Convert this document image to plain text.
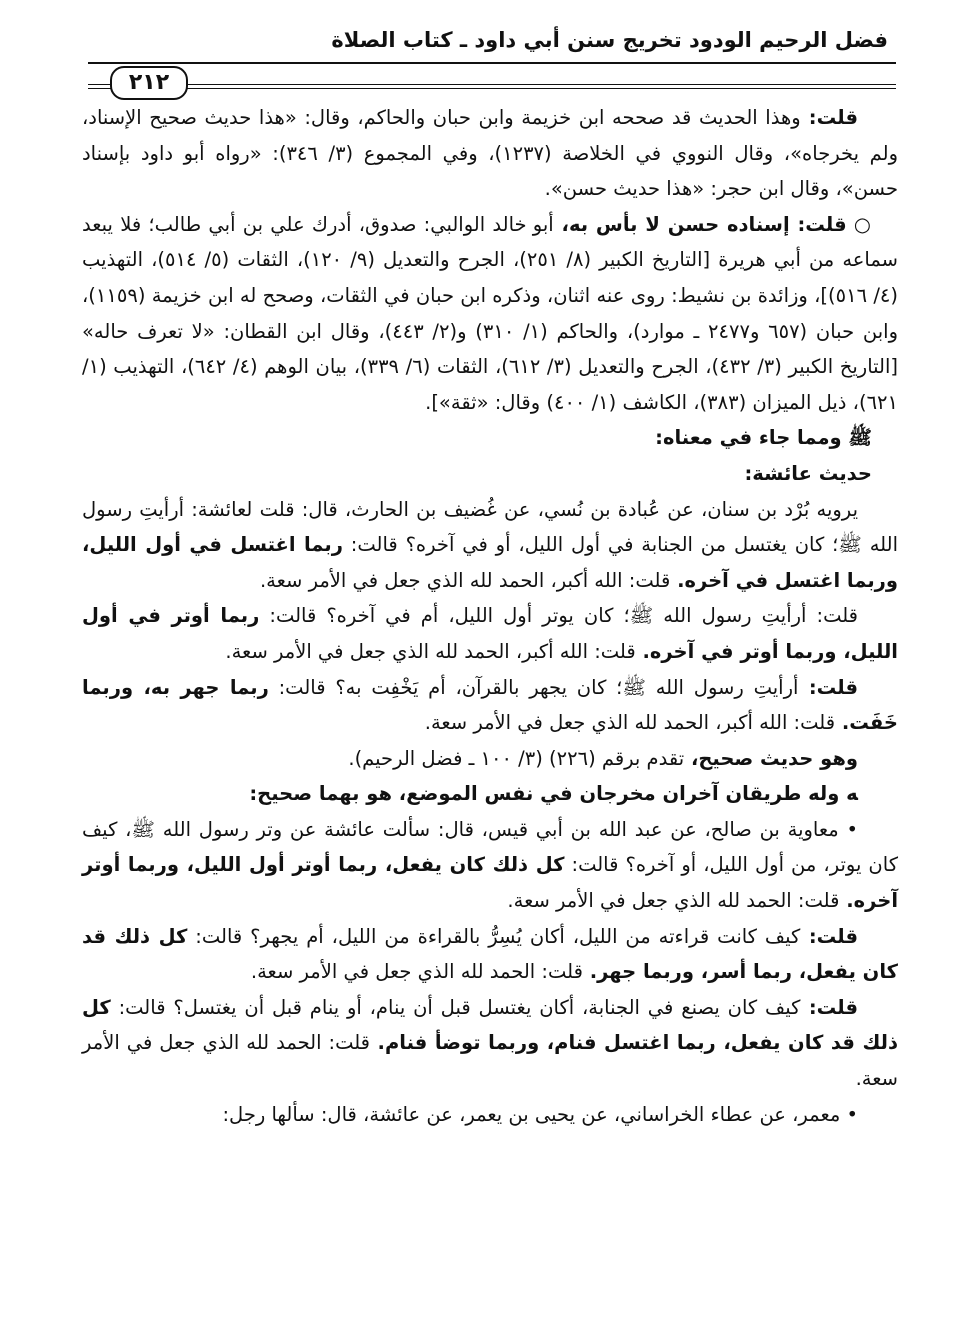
فضل الرحيم الودود تخريج سنن أبي داود ـ كتاب الصلاة
٢١٢

قلت: وهذا الحديث قد صححه ابن خزيمة وابن حبان والحاكم، وقال: «هذا حديث صحيح الإسناد، ولم يخرجاه»، وقال النووي في الخلاصة (١٢٣٧)، وفي المجموع (٣/ ٣٤٦): «رواه أبو داود بإسناد حسن»، وقال ابن حجر: «هذا حديث حسن».

○ قلت: إسناده حسن لا بأس به، أبو خالد الوالبي: صدوق، أدرك علي بن أبي طالب؛ فلا يبعد سماعه من أبي هريرة [التاريخ الكبير (٨/ ٢٥١)، الجرح والتعديل (٩/ ١٢٠)، الثقات (٥/ ٥١٤)، التهذيب (٤/ ٥١٦)]، وزائدة بن نشيط: روى عنه اثنان، وذكره ابن حبان في الثقات، وصحح له ابن خزيمة (١١٥٩)، وابن حبان (٦٥٧ و٢٤٧٧ ـ موارد)، والحاكم (١/ ٣١٠) و(٢/ ٤٤٣)، وقال ابن القطان: «لا تعرف حاله» [التاريخ الكبير (٣/ ٤٣٢)، الجرح والتعديل (٣/ ٦١٢)، الثقات (٦/ ٣٣٩)، بيان الوهم (٤/ ٦٤٢)، التهذيب (١/ ٦٢١)، ذيل الميزان (٣٨٣)، الكاشف (١/ ٤٠٠) وقال: «ثقة»].

ﷺ ومما جاء في معناه:

حديث عائشة:

يرويه بُرْد بن سنان، عن عُبادة بن نُسي، عن غُضيف بن الحارث، قال: قلت لعائشة: أرأيتِ رسول الله ﷺ؛ كان يغتسل من الجنابة في أول الليل، أو في آخره؟ قالت: ربما اغتسل في أول الليل، وربما اغتسل في آخره. قلت: الله أكبر، الحمد لله الذي جعل في الأمر سعة.

قلت: أرأيتِ رسول الله ﷺ؛ كان يوتر أول الليل، أم في آخره؟ قالت: ربما أوتر في أول الليل، وربما أوتر في آخره. قلت: الله أكبر، الحمد لله الذي جعل في الأمر سعة.

قلت: أرأيتِ رسول الله ﷺ؛ كان يجهر بالقرآن، أم يَخْفِت به؟ قالت: ربما جهر به، وربما خَفَت. قلت: الله أكبر، الحمد لله الذي جعل في الأمر سعة.

وهو حديث صحيح، تقدم برقم (٢٢٦) (٣/ ١٠٠ ـ فضل الرحيم).

ﻪ وله طريقان آخران مخرجان في نفس الموضع، هو بهما صحيح:

• معاوية بن صالح، عن عبد الله بن أبي قيس، قال: سألت عائشة عن وتر رسول الله ﷺ، كيف كان يوتر، من أول الليل، أو آخره؟ قالت: كل ذلك كان يفعل، ربما أوتر أول الليل، وربما أوتر آخره. قلت: الحمد لله الذي جعل في الأمر سعة.

قلت: كيف كانت قراءته من الليل، أكان يُسِرُّ بالقراءة من الليل، أم يجهر؟ قالت: كل ذلك قد كان يفعل، ربما أسر، وربما جهر. قلت: الحمد لله الذي جعل في الأمر سعة.

قلت: كيف كان يصنع في الجنابة، أكان يغتسل قبل أن ينام، أو ينام قبل أن يغتسل؟ قالت: كل ذلك قد كان يفعل، ربما اغتسل فنام، وربما توضأ فنام. قلت: الحمد لله الذي جعل في الأمر سعة.

• معمر، عن عطاء الخراساني، عن يحيى بن يعمر، عن عائشة، قال: سألها رجل:
